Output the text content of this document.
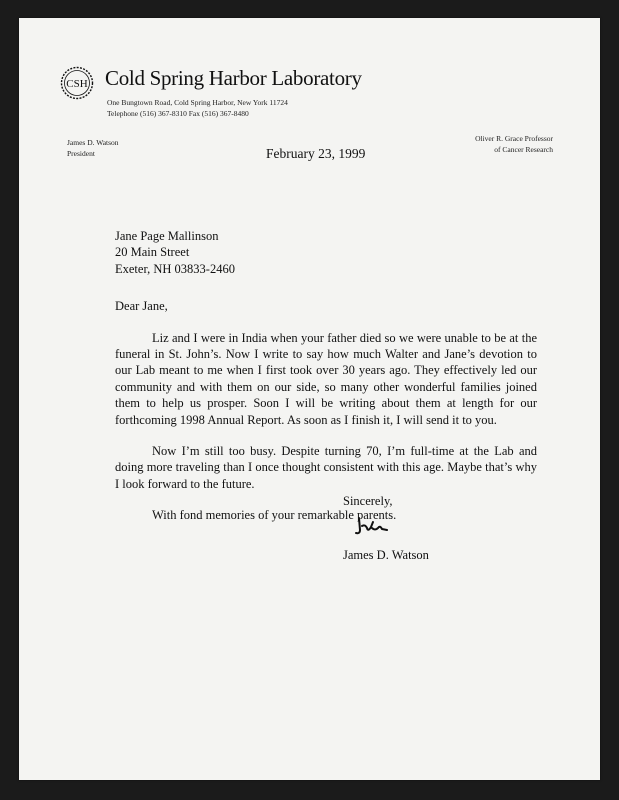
CSH Cold Spring Harbor Laboratory
One Bungtown Road, Cold Spring Harbor, New York 11724
Telephone (516) 367-8310 Fax (516) 367-8480
James D. Watson
President
Oliver R. Grace Professor
of Cancer Research
February 23, 1999
Jane Page Mallinson
20 Main Street
Exeter, NH 03833-2460
Dear Jane,
Liz and I were in India when your father died so we were unable to be at the funeral in St. John’s. Now I write to say how much Walter and Jane’s devotion to our Lab meant to me when I first took over 30 years ago. They effectively led our community and with them on our side, so many other wonderful families joined them to help us prosper. Soon I will be writing about them at length for our forthcoming 1998 Annual Report. As soon as I finish it, I will send it to you.
Now I’m still too busy. Despite turning 70, I’m full-time at the Lab and doing more traveling than I once thought consistent with this age. Maybe that’s why I look forward to the future.
With fond memories of your remarkable parents.
Sincerely,
James D. Watson
